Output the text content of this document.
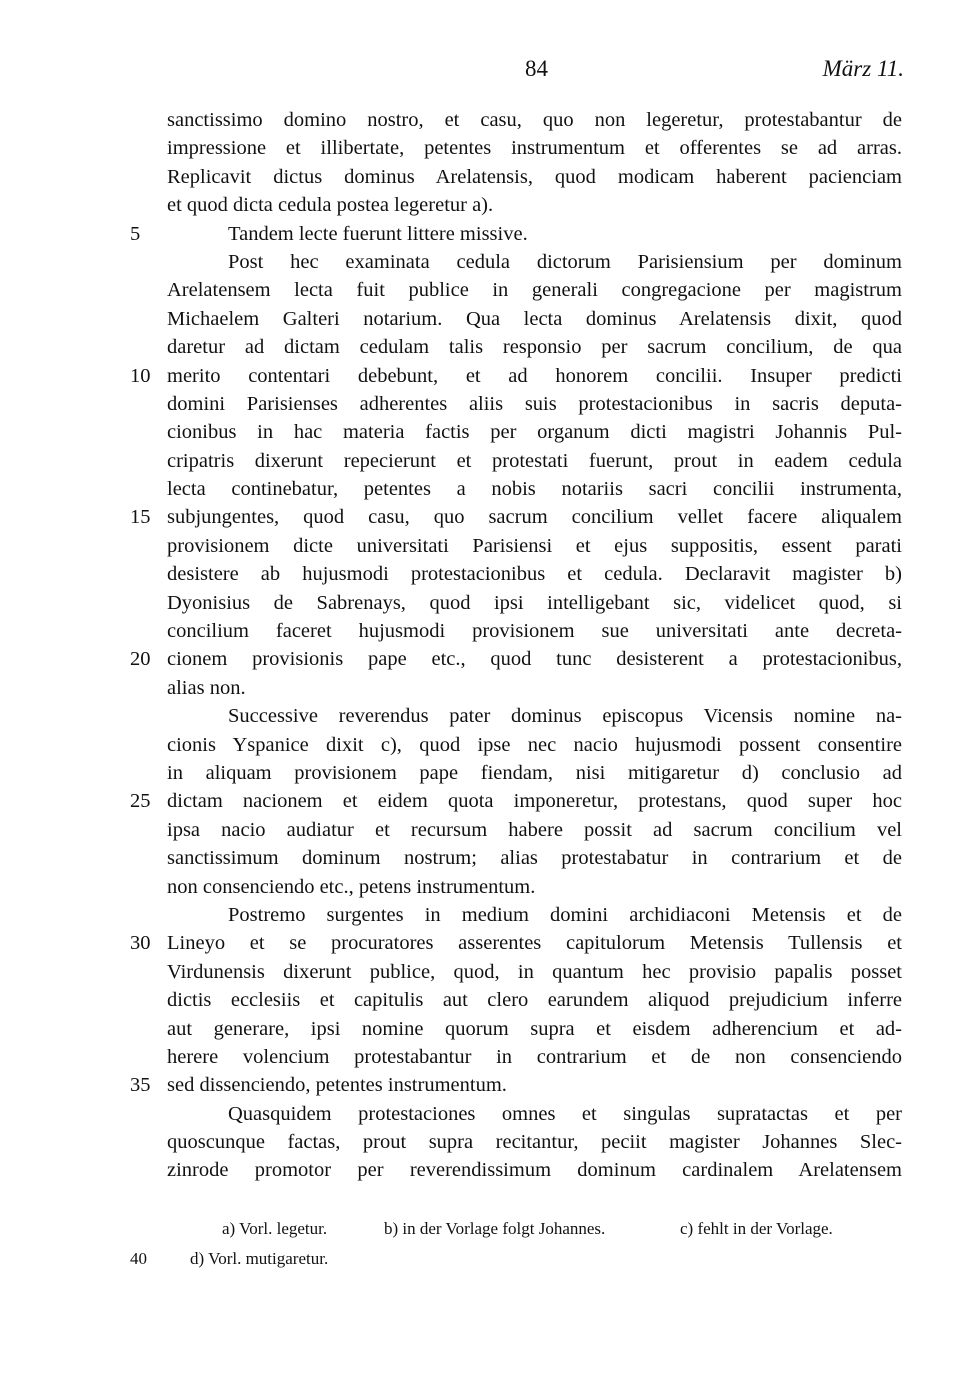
84	März 11.
sanctissimo domino nostro, et casu, quo non legeretur, protestabantur de
impressione et illibertate, petentes instrumentum et offerentes se ad arras.
Replicavit dictus dominus Arelatensis, quod modicam haberent pacienciam
et quod dicta cedula postea legeretur a).
5	Tandem lecte fuerunt littere missive.
Post hec examinata cedula dictorum Parisiensium per dominum
Arelatensem lecta fuit publice in generali congregacione per magistrum
Michaelem Galteri notarium. Qua lecta dominus Arelatensis dixit, quod
daretur ad dictam cedulam talis responsio per sacrum concilium, de qua
10 merito contentari debebunt, et ad honorem concilii. Insuper predicti
domini Parisienses adherentes aliis suis protestacionibus in sacris deputa-
cionibus in hac materia factis per organum dicti magistri Johannis Pul-
cripatris dixerunt repecierunt et protestati fuerunt, prout in eadem cedula
lecta continebatur, petentes a nobis notariis sacri concilii instrumenta,
15 subjungentes, quod casu, quo sacrum concilium vellet facere aliqualem
provisionem dicte universitati Parisiensi et ejus suppositis, essent parati
desistere ab hujusmodi protestacionibus et cedula. Declaravit magister b)
Dyonisius de Sabrenays, quod ipsi intelligebant sic, videlicet quod, si
concilium faceret hujusmodi provisionem sue universitati ante decreta-
20 cionem provisionis pape etc., quod tunc desisterent a protestacionibus,
alias non.
Successive reverendus pater dominus episcopus Vicensis nomine na-
cionis Yspanice dixit c), quod ipse nec nacio hujusmodi possent consentire
in aliquam provisionem pape fiendam, nisi mitigaretur d) conclusio ad
25 dictam nacionem et eidem quota imponeretur, protestans, quod super hoc
ipsa nacio audiatur et recursum habere possit ad sacrum concilium vel
sanctissimum dominum nostrum; alias protestabatur in contrarium et de
non consenciendo etc., petens instrumentum.
Postremo surgentes in medium domini archidiaconi Metensis et de
30 Lineyo et se procuratores asserentes capitulorum Metensis Tullensis et
Virdunensis dixerunt publice, quod, in quantum hec provisio papalis posset
dictis ecclesiis et capitulis aut clero earundem aliquod prejudicium inferre
aut generare, ipsi nomine quorum supra et eisdem adherencium et ad-
herere volencium protestabantur in contrarium et de non consenciendo
35 sed dissenciendo, petentes instrumentum.
Quasquidem protestaciones omnes et singulas supratactas et per
quoscunque factas, prout supra recitantur, peciit magister Johannes Slec-
zinrode promotor per reverendissimum dominum cardinalem Arelatensem
a) Vorl. legetur.	b) in der Vorlage folgt Johannes.	c) fehlt in der Vorlage.
40	d) Vorl. mutigaretur.
